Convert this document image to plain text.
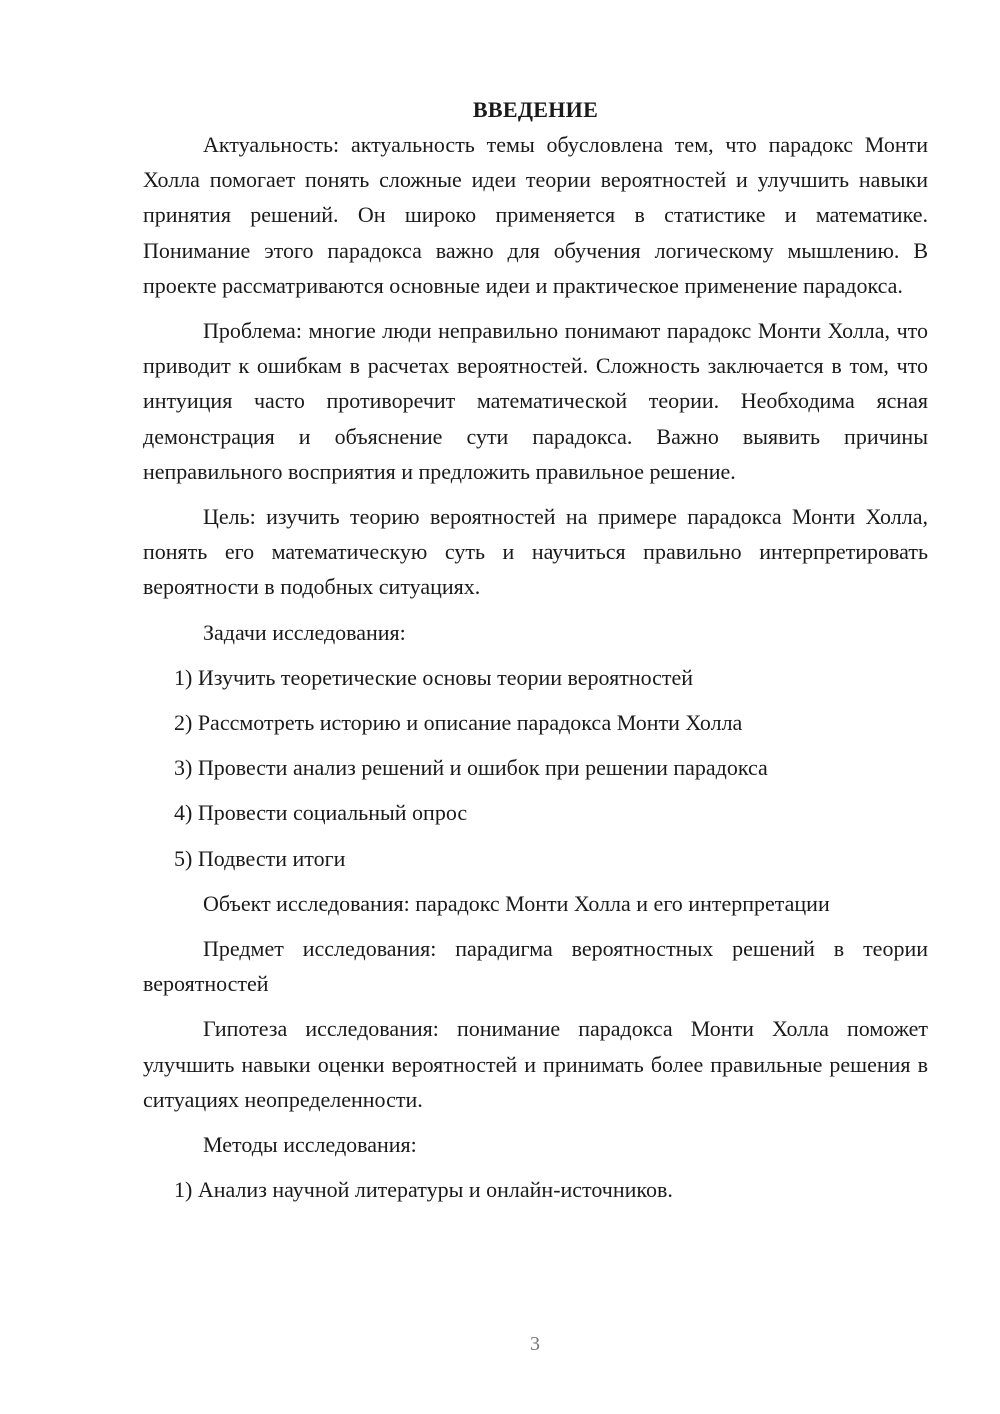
ВВЕДЕНИЕ

Актуальность: актуальность темы обусловлена тем, что парадокс Монти Холла помогает понять сложные идеи теории вероятностей и улучшить навыки принятия решений. Он широко применяется в статистике и математике. Понимание этого парадокса важно для обучения логическому мышлению. В проекте рассматриваются основные идеи и практическое применение парадокса.

Проблема: многие люди неправильно понимают парадокс Монти Холла, что приводит к ошибкам в расчетах вероятностей. Сложность заключается в том, что интуиция часто противоречит математической теории. Необходима ясная демонстрация и объяснение сути парадокса. Важно выявить причины неправильного восприятия и предложить правильное решение.

Цель: изучить теорию вероятностей на примере парадокса Монти Холла, понять его математическую суть и научиться правильно интерпретировать вероятности в подобных ситуациях.

Задачи исследования:

1) Изучить теоретические основы теории вероятностей

2) Рассмотреть историю и описание парадокса Монти Холла

3) Провести анализ решений и ошибок при решении парадокса

4) Провести социальный опрос

5) Подвести итоги

Объект исследования: парадокс Монти Холла и его интерпретации

Предмет исследования: парадигма вероятностных решений в теории вероятностей

Гипотеза исследования: понимание парадокса Монти Холла поможет улучшить навыки оценки вероятностей и принимать более правильные решения в ситуациях неопределенности.

Методы исследования:

1) Анализ научной литературы и онлайн-источников.

3
